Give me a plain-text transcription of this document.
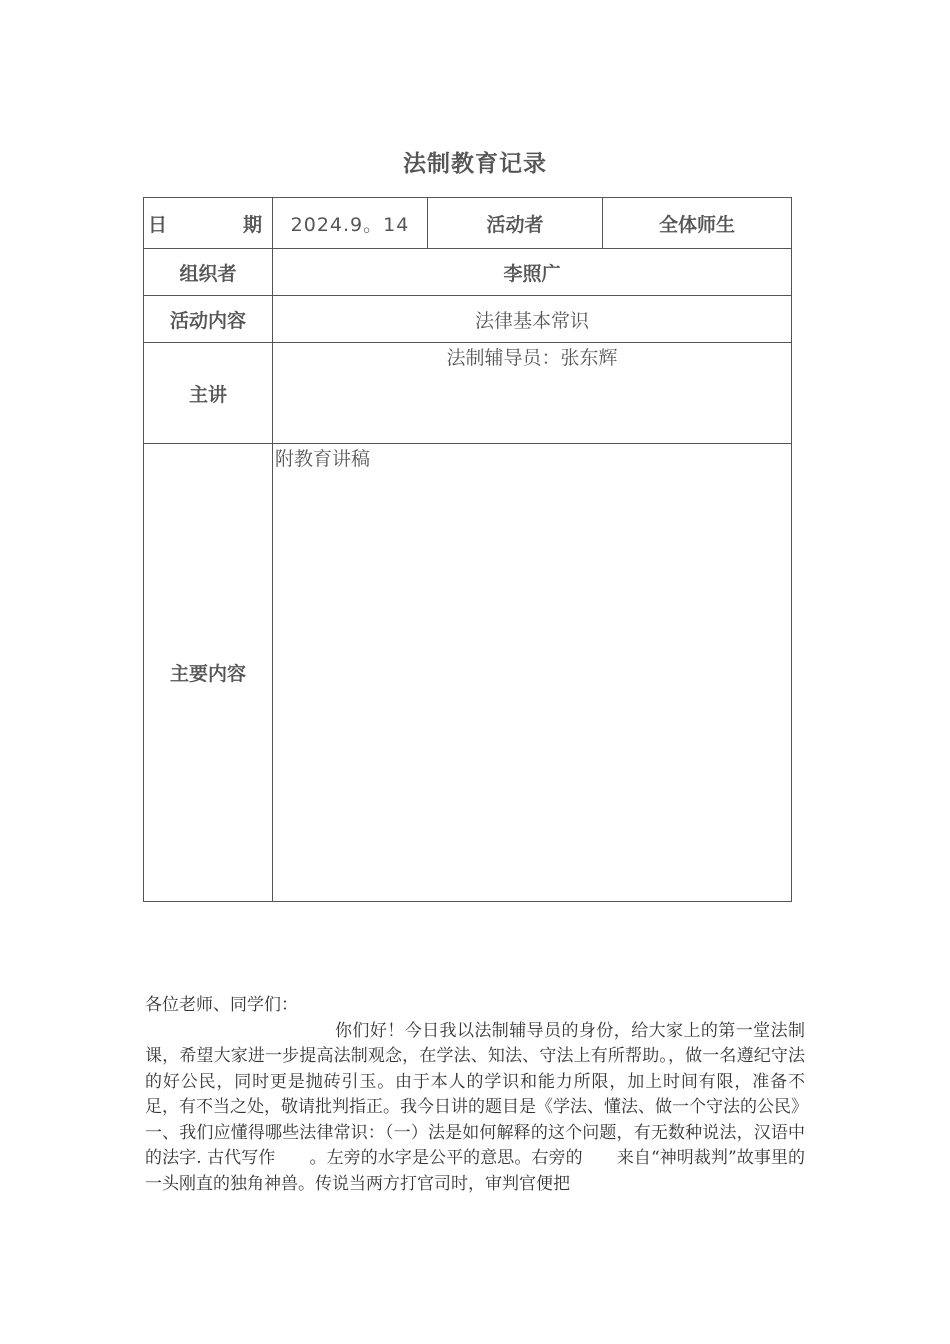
法制教育记录
日 期	2024.9。14	活动者	全体师生
组织者	李照广		
活动内容	法律基本常识		
主讲	法制辅导员：张东辉		
主要内容	附教育讲稿		

各位老师、同学们：

你们好！今日我以法制辅导员的身份，给大家上的第一堂法制课，希望大家进一步提高法制观念，在学法、知法、守法上有所帮助。，做一名遵纪守法的好公民，同时更是抛砖引玉。由于本人的学识和能力所限，加上时间有限，准备不足，有不当之处，敬请批判指正。我今日讲的题目是《学法、懂法、做一个守法的公民》

一、我们应懂得哪些法律常识：（一）法是如何解释的这个问题，有无数种说法，汉语中的法字. 古代写作　　。左旁的水字是公平的意思。右旁的　　来自“神明裁判”故事里的一头刚直的独角神兽。传说当两方打官司时，审判官便把
